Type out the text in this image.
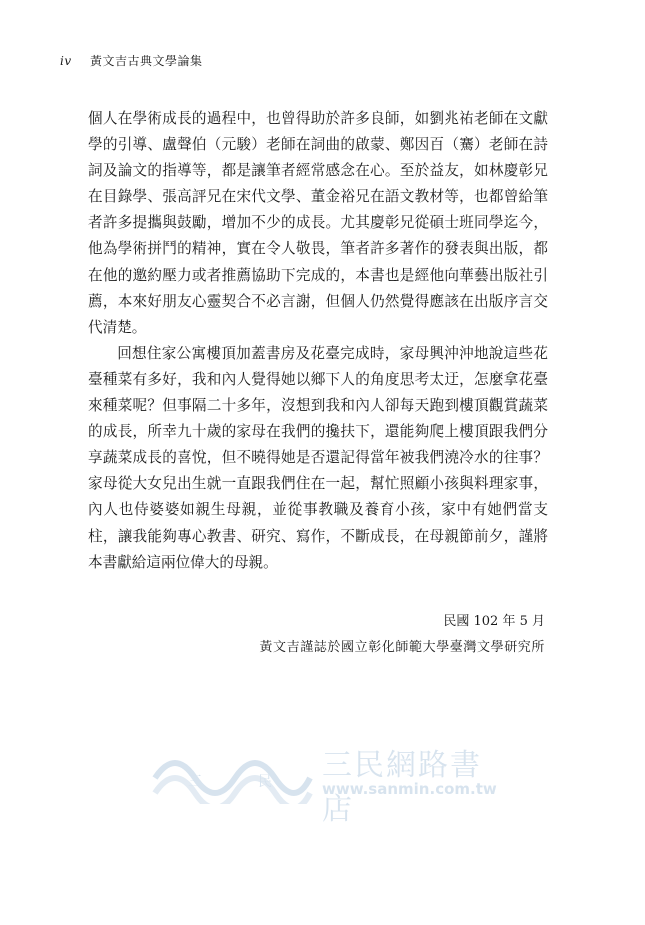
iv 黃文吉古典文學論集

個人在學術成長的過程中，也曾得助於許多良師，如劉兆祐老師在文獻學的引導、盧聲伯（元駿）老師在詞曲的啟蒙、鄭因百（騫）老師在詩詞及論文的指導等，都是讓筆者經常感念在心。至於益友，如林慶彰兄在目錄學、張高評兄在宋代文學、董金裕兄在語文教材等，也都曾給筆者許多提攜與鼓勵，增加不少的成長。尤其慶彰兄從碩士班同學迄今，他為學術拼鬥的精神，實在令人敬畏，筆者許多著作的發表與出版，都在他的邀約壓力或者推薦協助下完成的，本書也是經他向華藝出版社引薦，本來好朋友心靈契合不必言謝，但個人仍然覺得應該在出版序言交代清楚。

回想住家公寓樓頂加蓋書房及花臺完成時，家母興沖沖地說這些花臺種菜有多好，我和內人覺得她以鄉下人的角度思考太迂，怎麼拿花臺來種菜呢？但事隔二十多年，沒想到我和內人卻每天跑到樓頂觀賞蔬菜的成長，所幸九十歲的家母在我們的攙扶下，還能夠爬上樓頂跟我們分享蔬菜成長的喜悅，但不曉得她是否還記得當年被我們澆冷水的往事？家母從大女兒出生就一直跟我們住在一起，幫忙照顧小孩與料理家事，內人也侍婆婆如親生母親，並從事教職及養育小孩，家中有她們當支柱，讓我能夠專心教書、研究、寫作，不斷成長，在母親節前夕，謹將本書獻給這兩位偉大的母親。

民國 102 年 5 月
黃文吉謹誌於國立彰化師範大學臺灣文學研究所
三	民 三民網路書店
www.sanmin.com.tw
